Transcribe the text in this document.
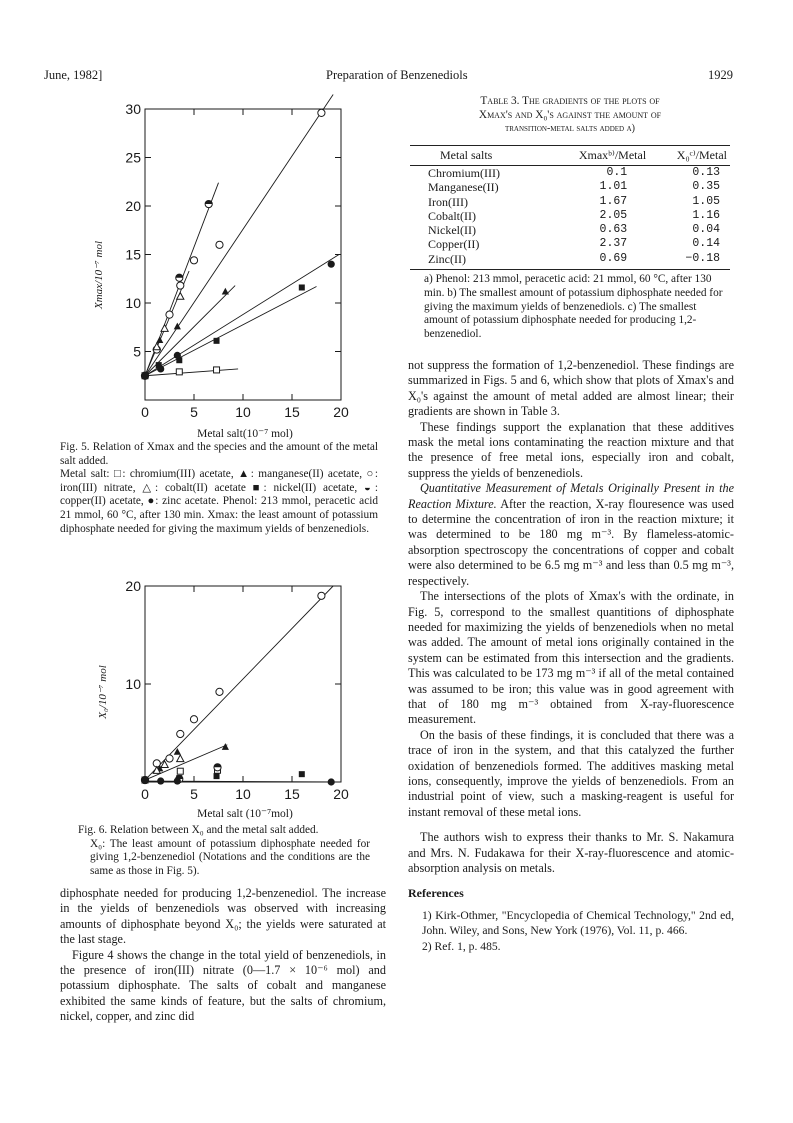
June, 1982]	Preparation of Benzenediols	1929
Xmax/10⁻⁷ mol
0	5	10 15 20
5
10
15
20
25
30
Metal salt(10⁻⁷ mol)

Fig. 5. Relation of Xmax and the species and the amount of the metal salt added.

Metal salt: □: chromium(III) acetate, ▲: manganese(II) acetate, ○: iron(III) nitrate, △: cobalt(II) acetate ■: nickel(II) acetate, ◒: copper(II) acetate, ●: zinc acetate. Phenol: 213 mmol, peracetic acid 21 mmol, 60 °C, after 130 min. Xmax: the least amount of potassium diphosphate needed for giving the maximum yields of benzenediols.

X₀/10⁻⁷ mol
0	5	10 15 20
10
20
Metal salt (10⁻⁷mol)

Fig. 6. Relation between X₀ and the metal salt added.

X₀: The least amount of potassium diphosphate needed for giving 1,2-benzenediol (Notations and the conditions are the same as those in Fig. 5).

diphosphate needed for producing 1,2-benzenediol. The increase in the yields of benzenediols was observed with increasing amounts of diphosphate beyond X₀; the yields were saturated at the last stage.

Figure 4 shows the change in the total yield of benzenediols, in the presence of iron(III) nitrate (0—1.7 × 10⁻⁶ mol) and potassium diphosphate. The salts of cobalt and manganese exhibited the same kinds of feature, but the salts of chromium, nickel, copper, and zinc did

Table 3. The gradients of the plots of
Xmax's and X₀'s against the amount of
transition-metal salts added a)
Metal salts	Xmaxᵇ⁾/Metal	X₀ᶜ⁾/Metal
Chromium(III)	0.1	0.13
Manganese(II)	1.01	0.35
Iron(III)	1.67	1.05
Cobalt(II)	2.05	1.16
Nickel(II)	0.63	0.04
Copper(II)	2.37	0.14
Zinc(II)	0.69	−0.18
a) Phenol: 213 mmol, peracetic acid: 21 mmol, 60 °C, after 130 min. b) The smallest amount of potassium diphosphate needed for giving the maximum yields of benzenediols. c) The smallest amount of potassium diphosphate needed for producing 1,2-benzenediol.

not suppress the formation of 1,2-benzenediol. These findings are summarized in Figs. 5 and 6, which show that plots of Xmax's and X₀'s against the amount of metal added are almost linear; their gradients are shown in Table 3.

These findings support the explanation that these additives mask the metal ions contaminating the reaction mixture and that the presence of free metal ions, especially iron and cobalt, suppress the yields of benzenediols.

Quantitative Measurement of Metals Originally Present in the Reaction Mixture. After the reaction, X-ray flouresence was used to determine the concentration of iron in the reaction mixture; it was determined to be 180 mg m⁻³. By flameless-atomic-absorption spectroscopy the concentrations of copper and cobalt were also determined to be 6.5 mg m⁻³ and less than 0.5 mg m⁻³, respectively.

The intersections of the plots of Xmax's with the ordinate, in Fig. 5, correspond to the smallest quantitions of diphosphate needed for maximizing the yields of benzenediols when no metal was added. The amount of metal ions originally contained in the system can be estimated from this intersection and the gradients. This was calculated to be 173 mg m⁻³ if all of the metal contained was assumed to be iron; this value was in good agreement with that of 180 mg m⁻³ obtained from X-ray-fluorescence measurement.

On the basis of these findings, it is concluded that there was a trace of iron in the system, and that this catalyzed the further oxidation of benzenediols formed. The additives masking metal ions, consequently, improve the yields of benzenediols. From an industrial point of view, such a masking-reagent is useful for instant removal of these metal ions.

The authors wish to express their thanks to Mr. S. Nakamura and Mrs. N. Fudakawa for their X-ray-fluorescence and atomic-absorption analysis on metals.

References

1) Kirk-Othmer, "Encyclopedia of Chemical Technology," 2nd ed, John. Wiley, and Sons, New York (1976), Vol. 11, p. 466.

2) Ref. 1, p. 485.
